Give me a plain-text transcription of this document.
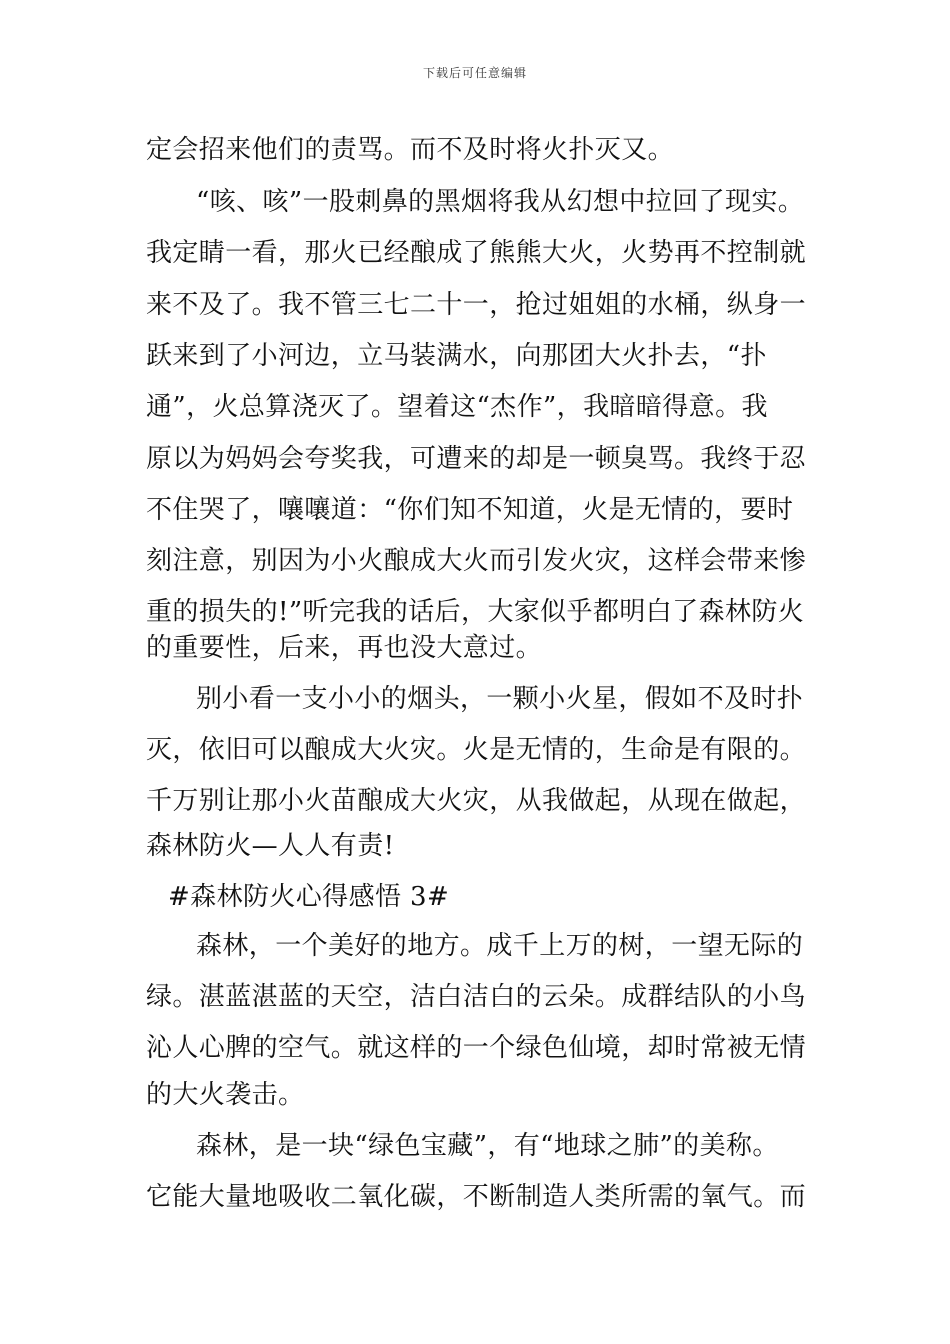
下载后可任意编辑
定会招来他们的责骂。而不及时将火扑灭又。
“咳、咳”一股刺鼻的黑烟将我从幻想中拉回了现实。
我定睛一看，那火已经酿成了熊熊大火，火势再不控制就
来不及了。我不管三七二十一，抢过姐姐的水桶，纵身一
跃来到了小河边，立马装满水，向那团大火扑去，“扑
通”，火总算浇灭了。望着这“杰作”，我暗暗得意。我
原以为妈妈会夸奖我，可遭来的却是一顿臭骂。我终于忍
不住哭了，嚷嚷道：“你们知不知道，火是无情的，要时
刻注意，别因为小火酿成大火而引发火灾，这样会带来惨
重的损失的!”听完我的话后，大家似乎都明白了森林防火
的重要性，后来，再也没大意过。
别小看一支小小的烟头，一颗小火星，假如不及时扑
灭，依旧可以酿成大火灾。火是无情的，生命是有限的。
千万别让那小火苗酿成大火灾，从我做起，从现在做起，
森林防火—人人有责!
#森林防火心得感悟 3#
森林，一个美好的地方。成千上万的树，一望无际的
绿。湛蓝湛蓝的天空，洁白洁白的云朵。成群结队的小鸟
沁人心脾的空气。就这样的一个绿色仙境，却时常被无情
的大火袭击。
森林，是一块“绿色宝藏”，有“地球之肺”的美称。
它能大量地吸收二氧化碳，不断制造人类所需的氧气。而
